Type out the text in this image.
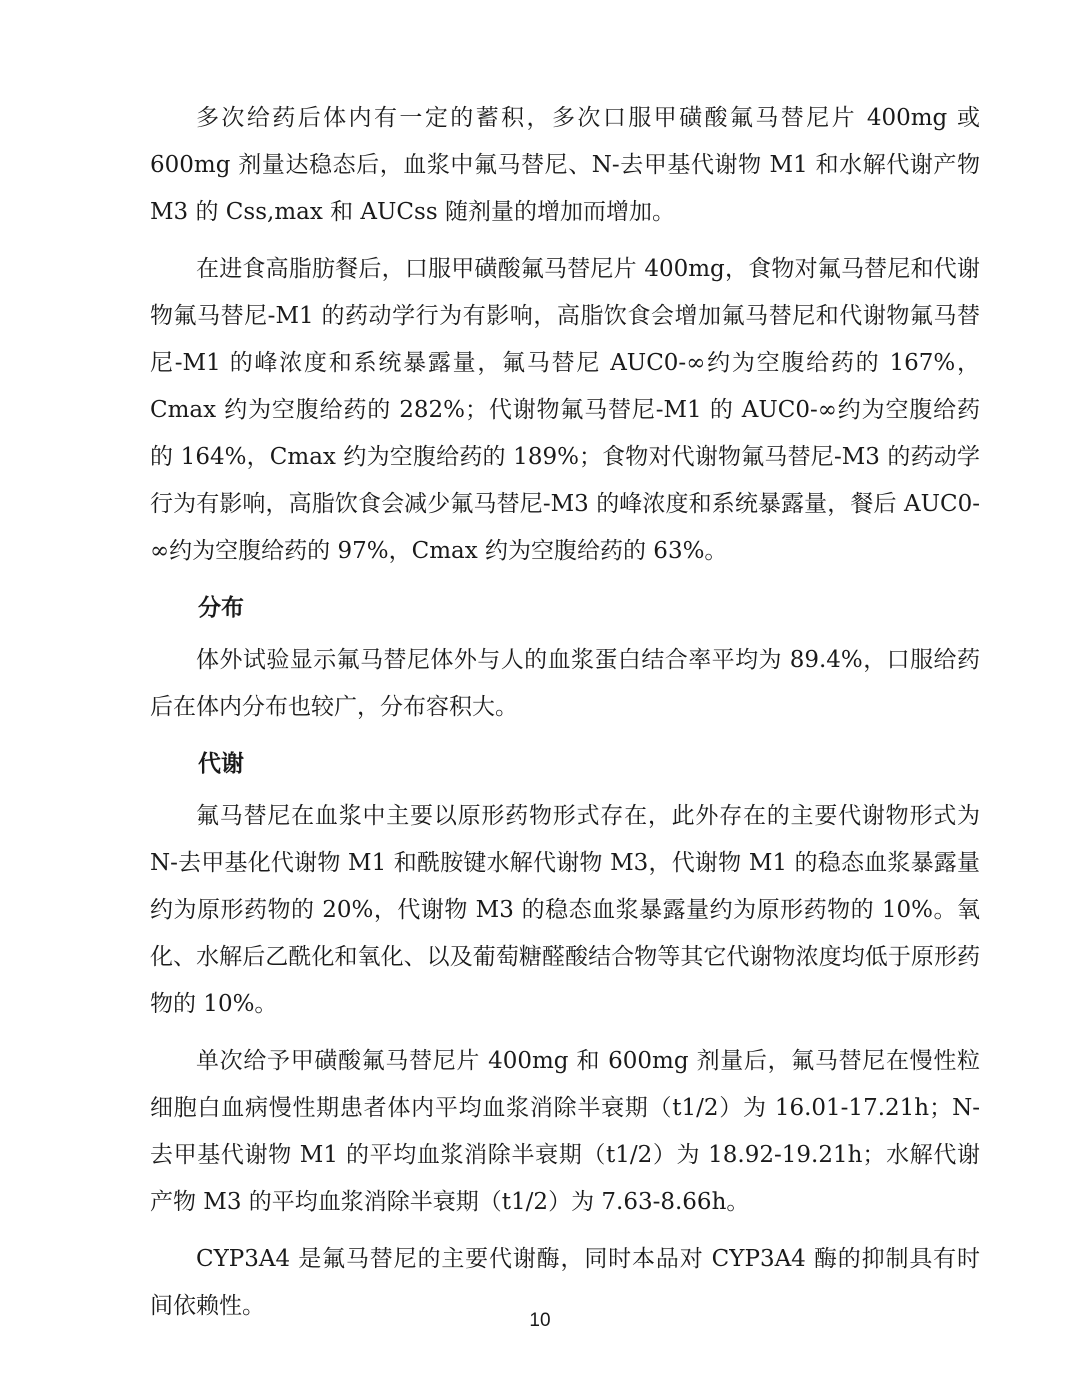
多次给药后体内有一定的蓄积，多次口服甲磺酸氟马替尼片 400mg 或 600mg 剂量达稳态后，血浆中氟马替尼、N-去甲基代谢物 M1 和水解代谢产物 M3 的 Css,max 和 AUCss 随剂量的增加而增加。

在进食高脂肪餐后，口服甲磺酸氟马替尼片 400mg，食物对氟马替尼和代谢物氟马替尼-M1 的药动学行为有影响，高脂饮食会增加氟马替尼和代谢物氟马替尼-M1 的峰浓度和系统暴露量，氟马替尼 AUC0-∞约为空腹给药的 167%，Cmax 约为空腹给药的 282%；代谢物氟马替尼-M1 的 AUC0-∞约为空腹给药的 164%，Cmax 约为空腹给药的 189%；食物对代谢物氟马替尼-M3 的药动学行为有影响，高脂饮食会减少氟马替尼-M3 的峰浓度和系统暴露量，餐后 AUC0-∞约为空腹给药的 97%，Cmax 约为空腹给药的 63%。

分布

体外试验显示氟马替尼体外与人的血浆蛋白结合率平均为 89.4%，口服给药后在体内分布也较广，分布容积大。

代谢

氟马替尼在血浆中主要以原形药物形式存在，此外存在的主要代谢物形式为 N-去甲基化代谢物 M1 和酰胺键水解代谢物 M3，代谢物 M1 的稳态血浆暴露量约为原形药物的 20%，代谢物 M3 的稳态血浆暴露量约为原形药物的 10%。氧化、水解后乙酰化和氧化、以及葡萄糖醛酸结合物等其它代谢物浓度均低于原形药物的 10%。

单次给予甲磺酸氟马替尼片 400mg 和 600mg 剂量后，氟马替尼在慢性粒细胞白血病慢性期患者体内平均血浆消除半衰期（t1/2）为 16.01-17.21h；N-去甲基代谢物 M1 的平均血浆消除半衰期（t1/2）为 18.92-19.21h；水解代谢产物 M3 的平均血浆消除半衰期（t1/2）为 7.63-8.66h。

CYP3A4 是氟马替尼的主要代谢酶，同时本品对 CYP3A4 酶的抑制具有时间依赖性。

10
